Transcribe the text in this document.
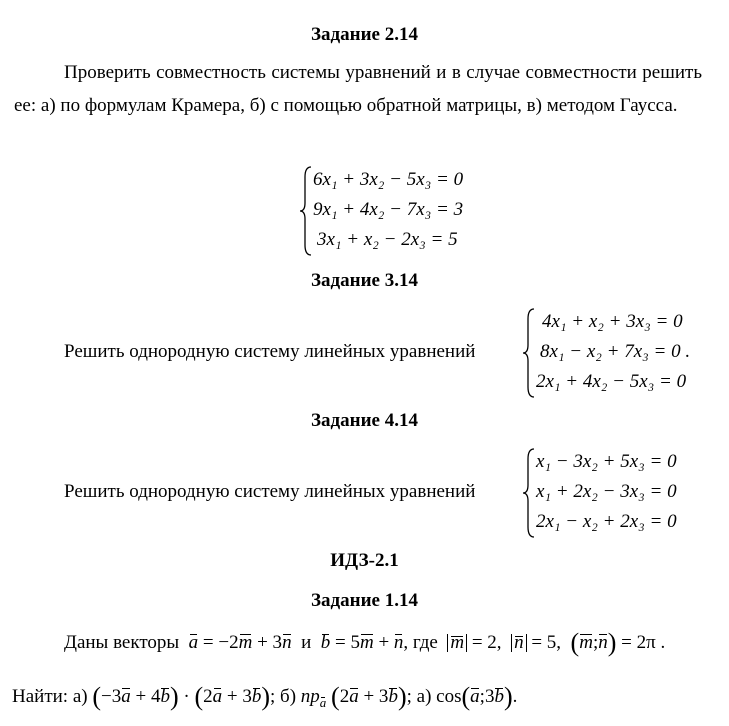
Задание 2.14
Проверить совместность системы уравнений и в случае совместности решить ее: а) по формулам Крамера, б) с помощью обратной матрицы, в) методом Гаусса.
6x₁ + 3x₂ − 5x₃ = 0
9x₁ + 4x₂ − 7x₃ = 3
3x₁ + x₂ − 2x₃ = 5
Задание 3.14
Решить однородную систему линейных уравнений
4x₁ + x₂ + 3x₃ = 0
8x₁ − x₂ + 7x₃ = 0 .
2x₁ + 4x₂ − 5x₃ = 0
Задание 4.14
Решить однородную систему линейных уравнений
x₁ − 3x₂ + 5x₃ = 0
x₁ + 2x₂ − 3x₃ = 0
2x₁ − x₂ + 2x₃ = 0
ИДЗ-2.1
Задание 1.14
Даны векторы a = −2m + 3n и b = 5m + n, где m = 2, n = 5, (m;n) = 2π .
Найти: а) (−3a + 4b) · (2a + 3b); б) $пр_a$ (2a + 3b); а) cos(a;3b).
